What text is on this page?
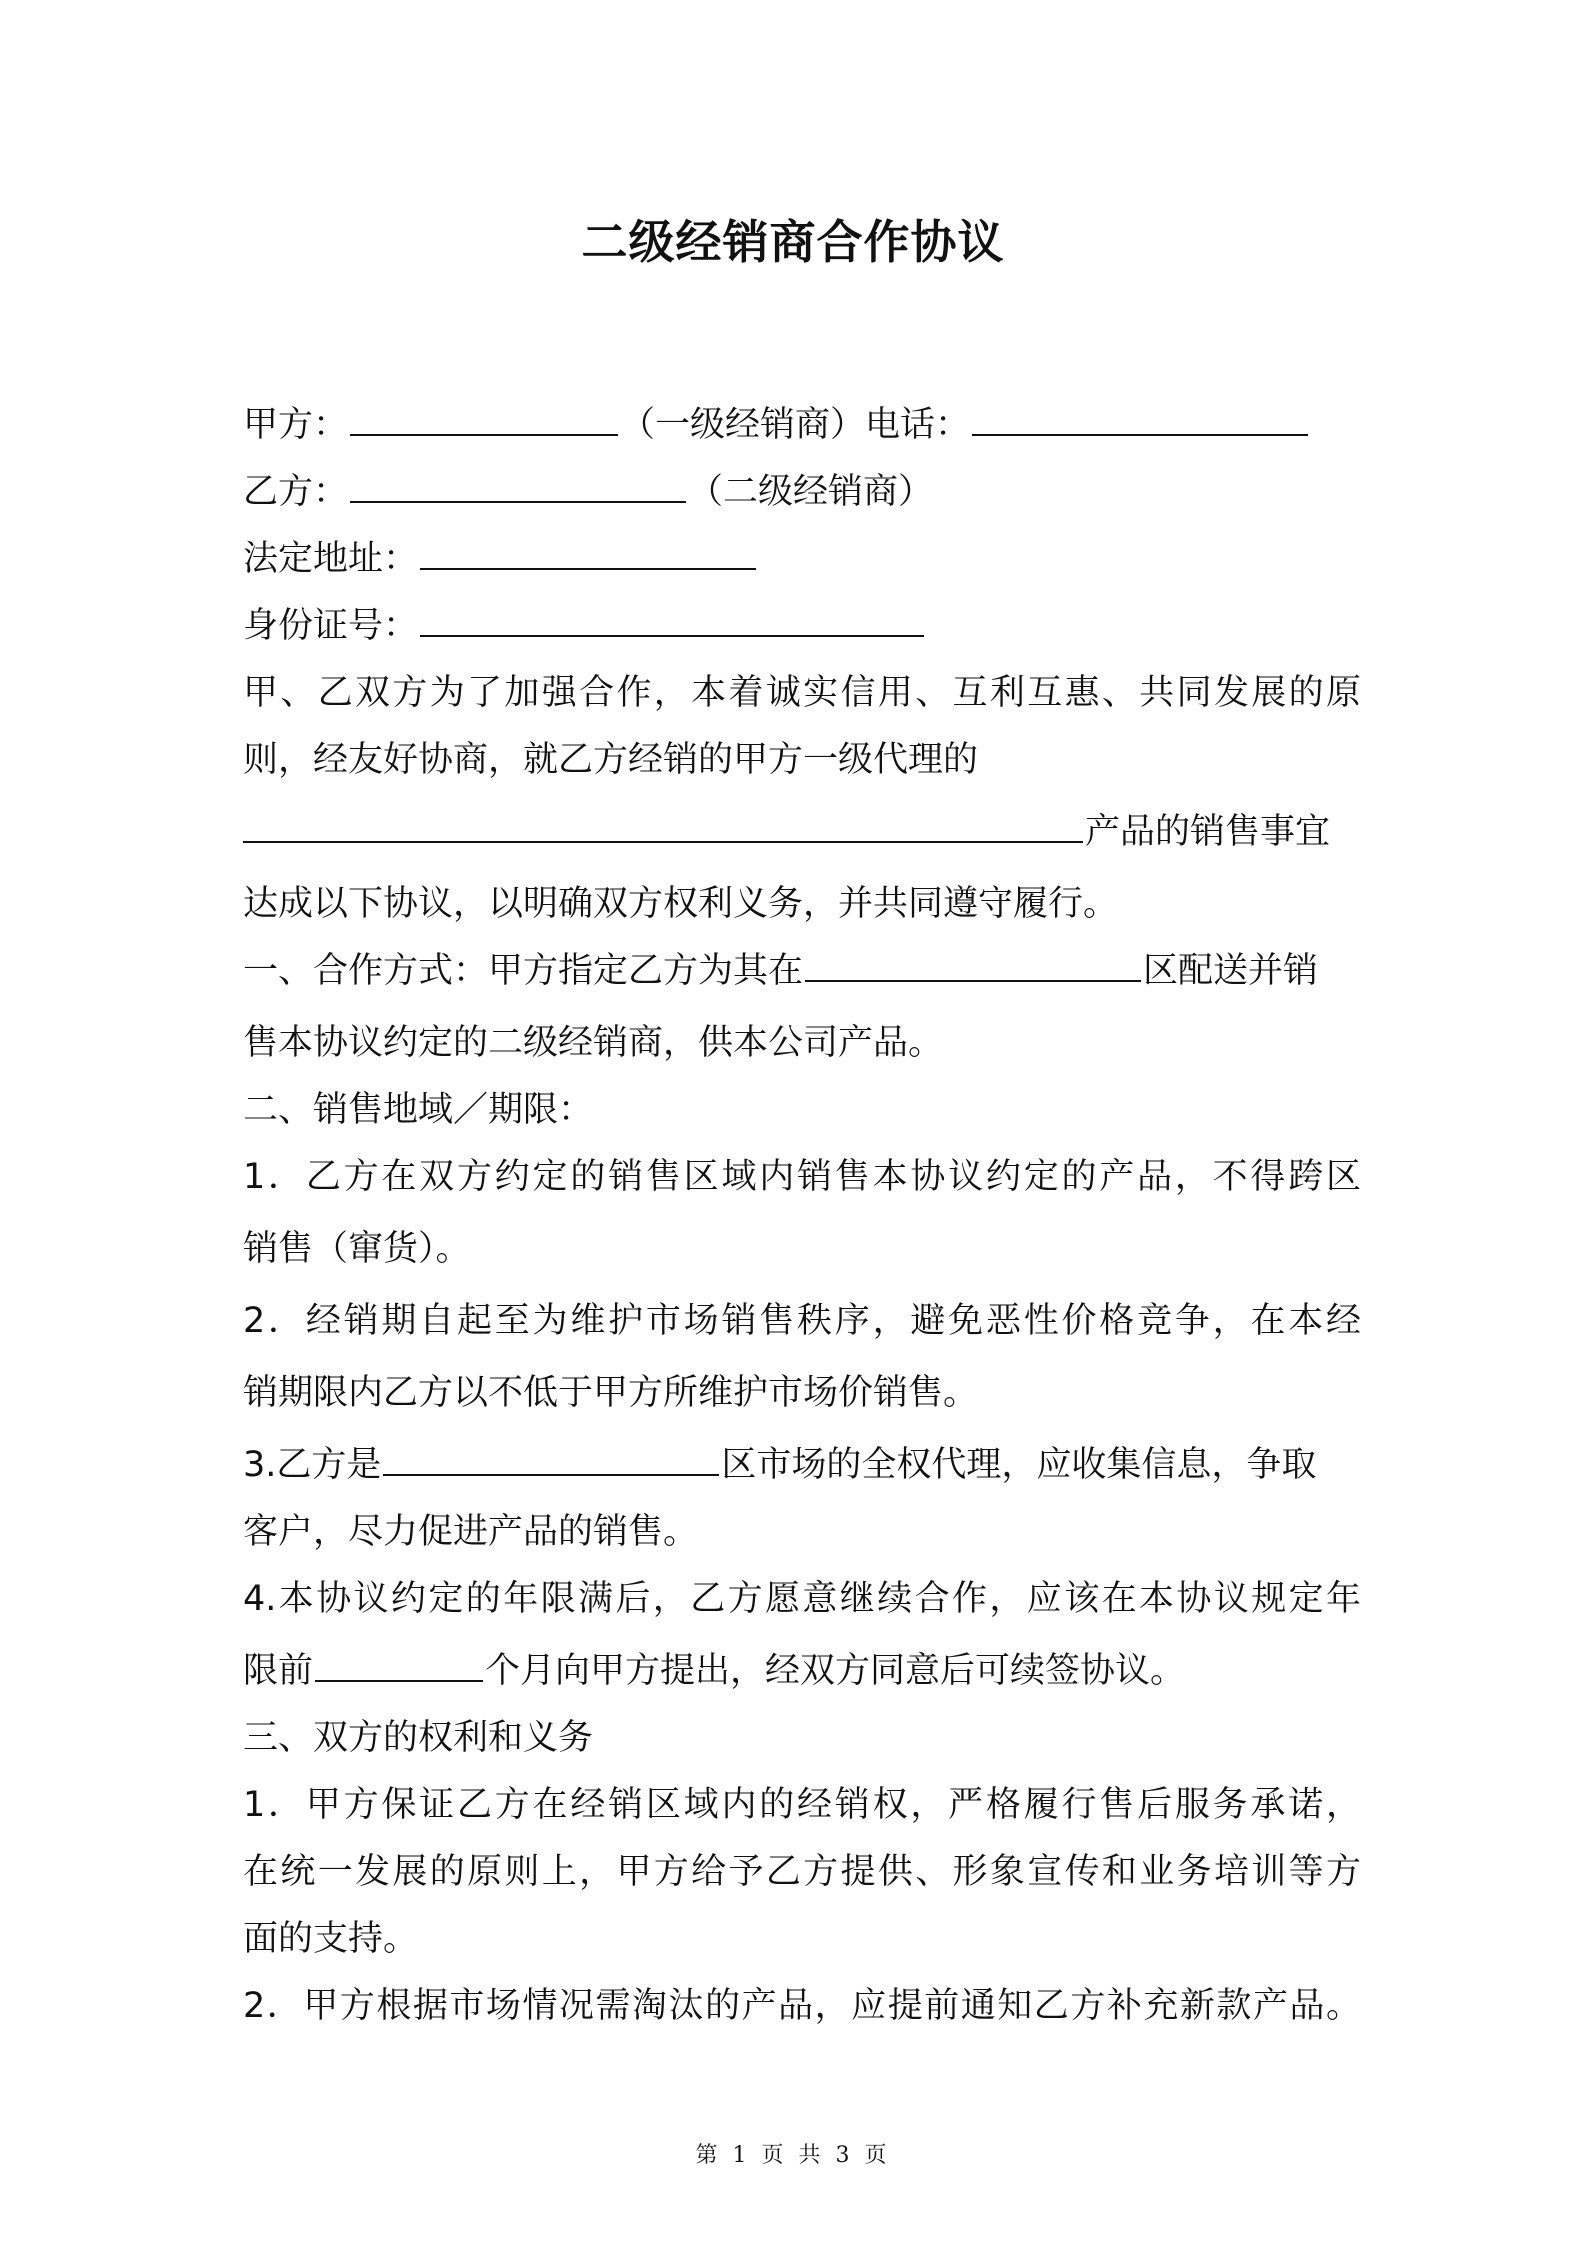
二级经销商合作协议
甲方：	（一级经销商）电话：
乙方：	（二级经销商）
法定地址：
身份证号：
甲、乙双方为了加强合作，本着诚实信用、互利互惠、共同发展的原
则，经友好协商，就乙方经销的甲方一级代理的
产品的销售事宜
达成以下协议，以明确双方权利义务，并共同遵守履行。
一、合作方式：甲方指定乙方为其在	区配送并销
售本协议约定的二级经销商，供本公司产品。
二、销售地域／期限：
1．乙方在双方约定的销售区域内销售本协议约定的产品，不得跨区
销售（窜货）。
2．经销期自起至为维护市场销售秩序，避免恶性价格竞争，在本经
销期限内乙方以不低于甲方所维护市场价销售。
3.乙方是	区市场的全权代理，应收集信息，争取
客户，尽力促进产品的销售。
4.本协议约定的年限满后，乙方愿意继续合作，应该在本协议规定年
限前	个月向甲方提出，经双方同意后可续签协议。
三、双方的权利和义务
1．甲方保证乙方在经销区域内的经销权，严格履行售后服务承诺，
在统一发展的原则上，甲方给予乙方提供、形象宣传和业务培训等方
面的支持。
2．甲方根据市场情况需淘汰的产品，应提前通知乙方补充新款产品。
第 1 页 共 3 页
